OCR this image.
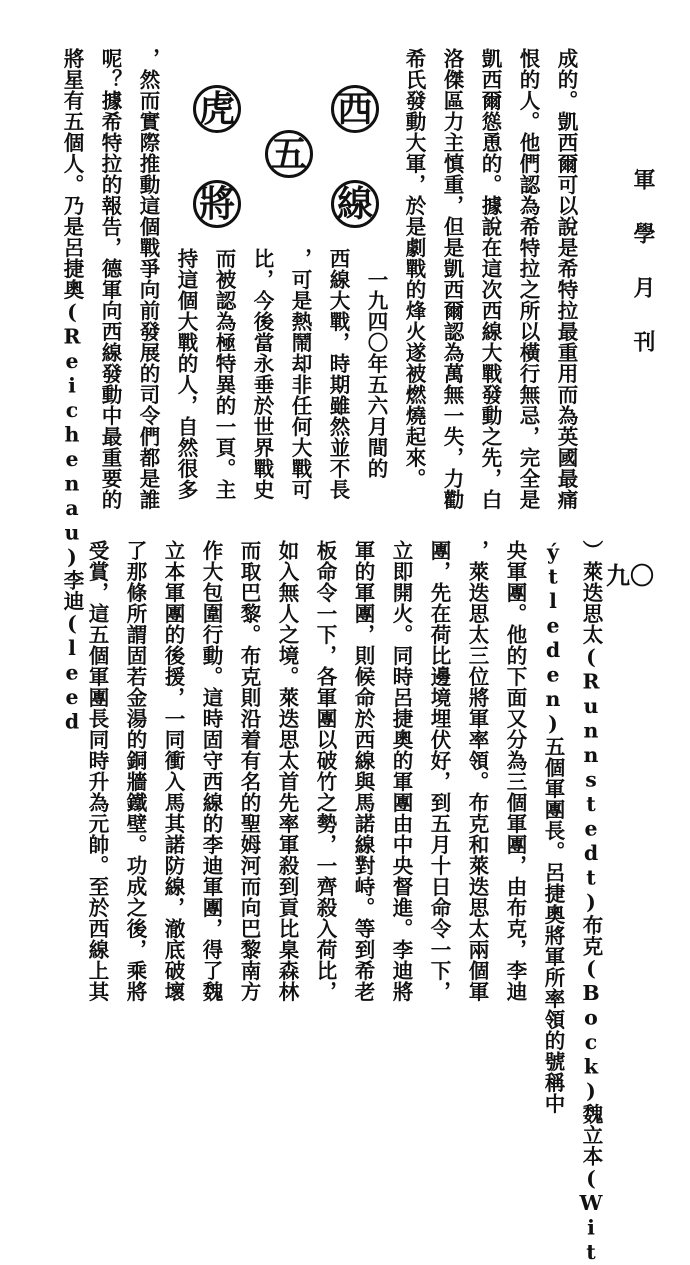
軍學月刊
九〇
西
線
五
虎
將	成的。凱西爾可以說是希特拉最重用而為英國最痛
恨的人。他們認為希特拉之所以橫行無忌，完全是
凱西爾慫恿的。據說在這次西線大戰發動之先，白
洛傑區力主慎重，但是凱西爾認為萬無一失，力勸
希氏發動大軍，於是劇戰的烽火遂被燃燒起來。
　一九四〇年五六月間的
西線大戰，時期雖然並不長
，可是熱鬧却非任何大戰可
比，今後當永垂於世界戰史
而被認為極特異的一頁。主
持這個大戰的人，自然很多
，然而實際推動這個戰爭向前發展的司令們都是誰
呢？據希特拉的報告，德軍向西線發動中最重要的
將星有五個人。乃是呂捷奧(Reichenau)李迪(leed
）萊迭思太(Runnstedt)布克(Bock)魏立本(Wit
ýtleden)五個軍團長。呂捷奧將軍所率領的號稱中
央軍團。他的下面又分為三個軍團，由布克，李迪
，萊迭思太三位將軍率領。布克和萊迭思太兩個軍
團，先在荷比邊境埋伏好，到五月十日命令一下，
立即開火。同時呂捷奧的軍團由中央督進。李迪將
軍的軍團，則候命於西線與馬諾線對峙。等到希老
板命令一下，各軍團以破竹之勢，一齊殺入荷比，
如入無人之境。萊迭思太首先率軍殺到貢比臬森林
而取巴黎。布克則沿着有名的聖姆河而向巴黎南方
作大包圍行動。這時固守西線的李迪軍團，得了魏
立本軍團的後援，一同衝入馬其諾防線，澈底破壞
了那條所謂固若金湯的銅牆鐵壁。功成之後，乘將
受賞，這五個軍團長同時升為元帥。至於西線上其
